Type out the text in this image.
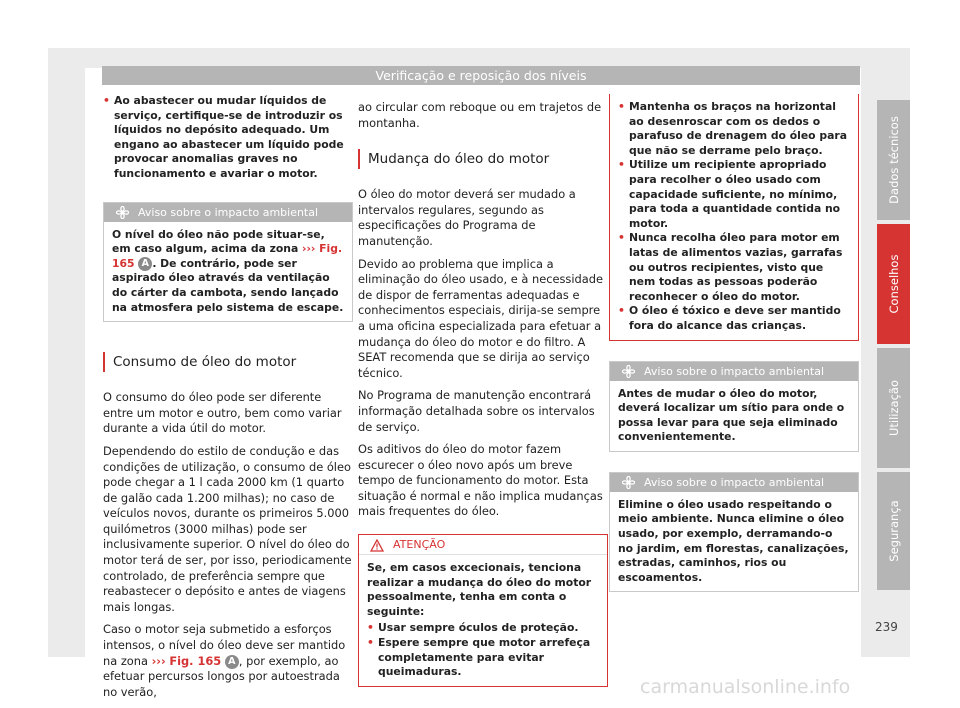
Verificação e reposição dos níveis
• Ao abastecer ou mudar líquidos de serviço, certifique-se de introduzir os líquidos no depósito adequado. Um engano ao abastecer um líquido pode provocar anomalias graves no funcionamento e avariar o motor.
Aviso sobre o impacto ambiental

O nível do óleo não pode situar-se, em caso algum, acima da zona ››› Fig. 165 A . De contrário, pode ser aspirado óleo através da ventilação do cárter da cambota, sendo lançado na atmosfera pelo sistema de escape.

Consumo de óleo do motor

O consumo do óleo pode ser diferente entre um motor e outro, bem como variar durante a vida útil do motor.

Dependendo do estilo de condução e das condições de utilização, o consumo de óleo pode chegar a 1 l cada 2000 km (1 quarto de galão cada 1.200 milhas); no caso de veículos novos, durante os primeiros 5.000 quilómetros (3000 milhas) pode ser inclusivamente superior. O nível do óleo do motor terá de ser, por isso, periodicamente controlado, de preferência sempre que reabastecer o depósito e antes de viagens mais longas.

Caso o motor seja submetido a esforços intensos, o nível do óleo deve ser mantido na zona ››› Fig. 165 A , por exemplo, ao efetuar percursos longos por autoestrada no verão,

ao circular com reboque ou em trajetos de montanha.

Mudança do óleo do motor

O óleo do motor deverá ser mudado a intervalos regulares, segundo as especificações do Programa de manutenção.

Devido ao problema que implica a eliminação do óleo usado, e à necessidade de dispor de ferramentas adequadas e conhecimentos especiais, dirija-se sempre a uma oficina especializada para efetuar a mudança do óleo do motor e do filtro. A SEAT recomenda que se dirija ao serviço técnico.

No Programa de manutenção encontrará informação detalhada sobre os intervalos de serviço.

Os aditivos do óleo do motor fazem escurecer o óleo novo após um breve tempo de funcionamento do motor. Esta situação é normal e não implica mudanças mais frequentes do óleo.

ATENÇÃO

Se, em casos excecionais, tenciona realizar a mudança do óleo do motor pessoalmente, tenha em conta o seguinte:

• Usar sempre óculos de proteção.
• Espere sempre que motor arrefeça completamente para evitar queimaduras.
• Mantenha os braços na horizontal ao desenroscar com os dedos o parafuso de drenagem do óleo para que não se derrame pelo braço.
• Utilize um recipiente apropriado para recolher o óleo usado com capacidade suficiente, no mínimo, para toda a quantidade contida no motor.
• Nunca recolha óleo para motor em latas de alimentos vazias, garrafas ou outros recipientes, visto que nem todas as pessoas poderão reconhecer o óleo do motor.
• O óleo é tóxico e deve ser mantido fora do alcance das crianças.
Aviso sobre o impacto ambiental

Antes de mudar o óleo do motor, deverá localizar um sítio para onde o possa levar para que seja eliminado convenientemente.

Aviso sobre o impacto ambiental

Elimine o óleo usado respeitando o meio ambiente. Nunca elimine o óleo usado, por exemplo, derramando-o no jardim, em florestas, canalizações, estradas, caminhos, rios ou escoamentos.

Dados técnicos
Conselhos
Utilização
Segurança
239
carmanualsonline.info
